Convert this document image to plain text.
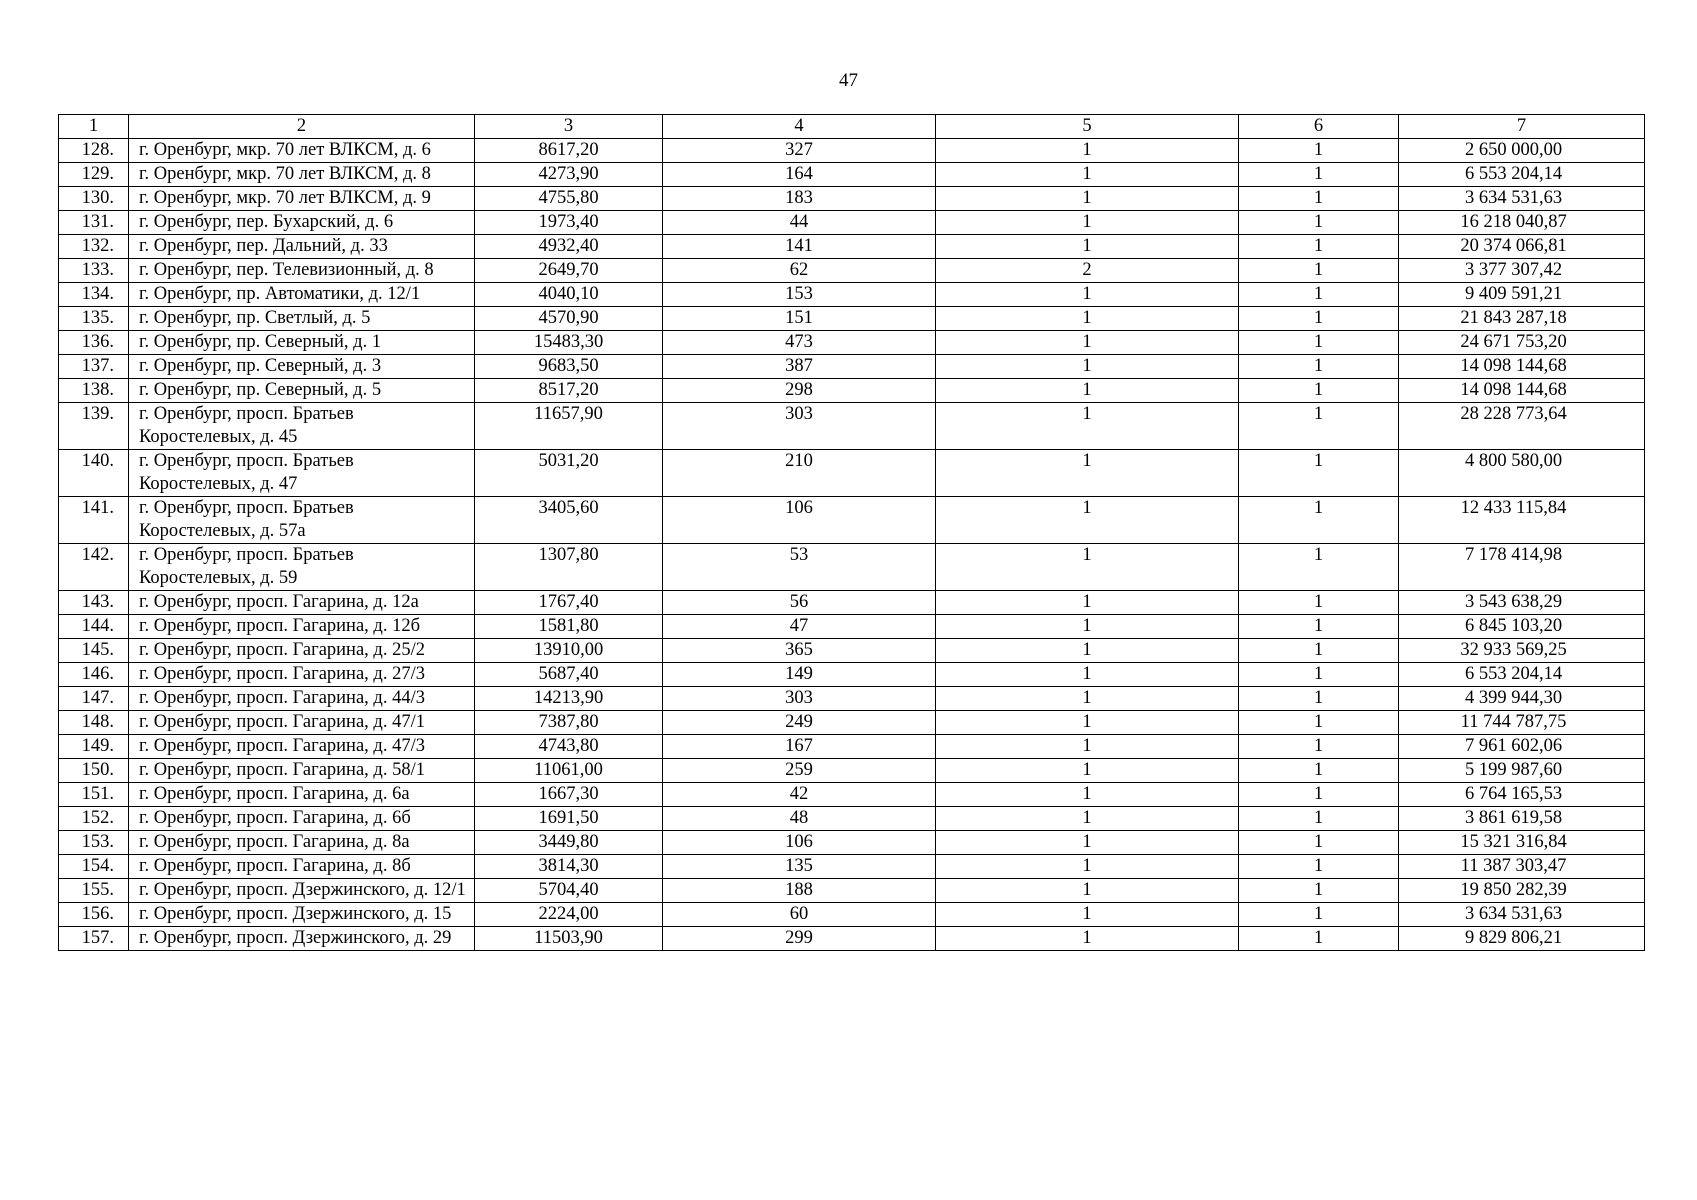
47
1	2	3	4	5	6	7
128.	г. Оренбург, мкр. 70 лет ВЛКСМ, д. 6	8617,20	327	1	1	2 650 000,00
129.	г. Оренбург, мкр. 70 лет ВЛКСМ, д. 8	4273,90	164	1	1	6 553 204,14
130.	г. Оренбург, мкр. 70 лет ВЛКСМ, д. 9	4755,80	183	1	1	3 634 531,63
131.	г. Оренбург, пер. Бухарский, д. 6	1973,40	44	1	1	16 218 040,87
132.	г. Оренбург, пер. Дальний, д. 33	4932,40	141	1	1	20 374 066,81
133.	г. Оренбург, пер. Телевизионный, д. 8	2649,70	62	2	1	3 377 307,42
134.	г. Оренбург, пр. Автоматики, д. 12/1	4040,10	153	1	1	9 409 591,21
135.	г. Оренбург, пр. Светлый, д. 5	4570,90	151	1	1	21 843 287,18
136.	г. Оренбург, пр. Северный, д. 1	15483,30	473	1	1	24 671 753,20
137.	г. Оренбург, пр. Северный, д. 3	9683,50	387	1	1	14 098 144,68
138.	г. Оренбург, пр. Северный, д. 5	8517,20	298	1	1	14 098 144,68
139.	г. Оренбург, просп. Братьев Коростелевых, д. 45	11657,90	303	1	1	28 228 773,64
140.	г. Оренбург, просп. Братьев Коростелевых, д. 47	5031,20	210	1	1	4 800 580,00
141.	г. Оренбург, просп. Братьев Коростелевых, д. 57а	3405,60	106	1	1	12 433 115,84
142.	г. Оренбург, просп. Братьев Коростелевых, д. 59	1307,80	53	1	1	7 178 414,98
143.	г. Оренбург, просп. Гагарина, д. 12а	1767,40	56	1	1	3 543 638,29
144.	г. Оренбург, просп. Гагарина, д. 12б	1581,80	47	1	1	6 845 103,20
145.	г. Оренбург, просп. Гагарина, д. 25/2	13910,00	365	1	1	32 933 569,25
146.	г. Оренбург, просп. Гагарина, д. 27/3	5687,40	149	1	1	6 553 204,14
147.	г. Оренбург, просп. Гагарина, д. 44/3	14213,90	303	1	1	4 399 944,30
148.	г. Оренбург, просп. Гагарина, д. 47/1	7387,80	249	1	1	11 744 787,75
149.	г. Оренбург, просп. Гагарина, д. 47/3	4743,80	167	1	1	7 961 602,06
150.	г. Оренбург, просп. Гагарина, д. 58/1	11061,00	259	1	1	5 199 987,60
151.	г. Оренбург, просп. Гагарина, д. 6а	1667,30	42	1	1	6 764 165,53
152.	г. Оренбург, просп. Гагарина, д. 6б	1691,50	48	1	1	3 861 619,58
153.	г. Оренбург, просп. Гагарина, д. 8а	3449,80	106	1	1	15 321 316,84
154.	г. Оренбург, просп. Гагарина, д. 8б	3814,30	135	1	1	11 387 303,47
155.	г. Оренбург, просп. Дзержинского, д. 12/1	5704,40	188	1	1	19 850 282,39
156.	г. Оренбург, просп. Дзержинского, д. 15	2224,00	60	1	1	3 634 531,63
157.	г. Оренбург, просп. Дзержинского, д. 29	11503,90	299	1	1	9 829 806,21
